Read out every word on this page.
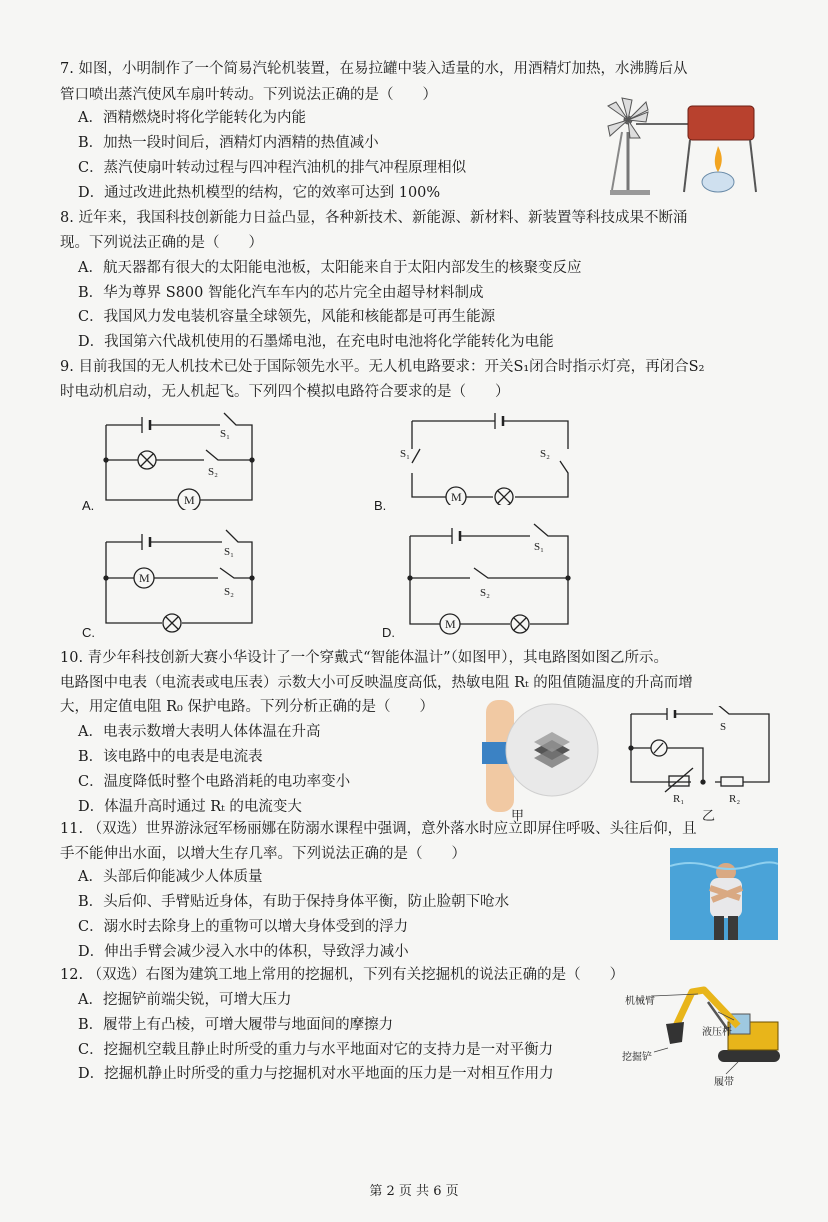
7. 如图，小明制作了一个简易汽轮机装置，在易拉罐中装入适量的水，用酒精灯加热，水沸腾后从
管口喷出蒸汽使风车扇叶转动。下列说法正确的是（　　）
A．酒精燃烧时将化学能转化为内能
B．加热一段时间后，酒精灯内酒精的热值减小
C．蒸汽使扇叶转动过程与四冲程汽油机的排气冲程原理相似
D．通过改进此热机模型的结构，它的效率可达到 100%
8. 近年来，我国科技创新能力日益凸显，各种新技术、新能源、新材料、新装置等科技成果不断涌
现。下列说法正确的是（　　）
A．航天器都有很大的太阳能电池板，太阳能来自于太阳内部发生的核聚变反应
B．华为尊界 S800 智能化汽车车内的芯片完全由超导材料制成
C．我国风力发电装机容量全球领先，风能和核能都是可再生能源
D．我国第六代战机使用的石墨烯电池，在充电时电池将化学能转化为电能
9. 目前我国的无人机技术已处于国际领先水平。无人机电路要求：开关S₁闭合时指示灯亮，再闭合S₂
时电动机启动，无人机起飞。下列四个模拟电路符合要求的是（　　）
M
S₁
S₂
A.
M
S₁	S₂
B.
M
S₁
S₂
C.
M
S₁
S₂
D.
10. 青少年科技创新大赛小华设计了一个穿戴式“智能体温计”（如图甲），其电路图如图乙所示。
电路图中电表（电流表或电压表）示数大小可反映温度高低，热敏电阻 Rₜ 的阻值随温度的升高而增
大，用定值电阻 R₀ 保护电路。下列分析正确的是（　　）
A．电表示数增大表明人体体温在升高
B．该电路中的电表是电流表
C．温度降低时整个电路消耗的电功率变小
D．体温升高时通过 Rₜ 的电流变大
甲
R₁	R₂
S
乙
11. （双选）世界游泳冠军杨丽娜在防溺水课程中强调，意外落水时应立即屏住呼吸、头往后仰，且
手不能伸出水面，以增大生存几率。下列说法正确的是（　　）
A．头部后仰能减少人体质量
B．头后仰、手臂贴近身体，有助于保持身体平衡，防止脸朝下呛水
C．溺水时去除身上的重物可以增大身体受到的浮力
D．伸出手臂会减少浸入水中的体积，导致浮力减小
12. （双选）右图为建筑工地上常用的挖掘机，下列有关挖掘机的说法正确的是（　　）
A．挖掘铲前端尖锐，可增大压力
B．履带上有凸棱，可增大履带与地面间的摩擦力
C．挖掘机空载且静止时所受的重力与水平地面对它的支持力是一对平衡力
D．挖掘机静止时所受的重力与挖掘机对水平地面的压力是一对相互作用力
机械臂
液压杆
挖掘铲
履带
第 2 页 共 6 页
